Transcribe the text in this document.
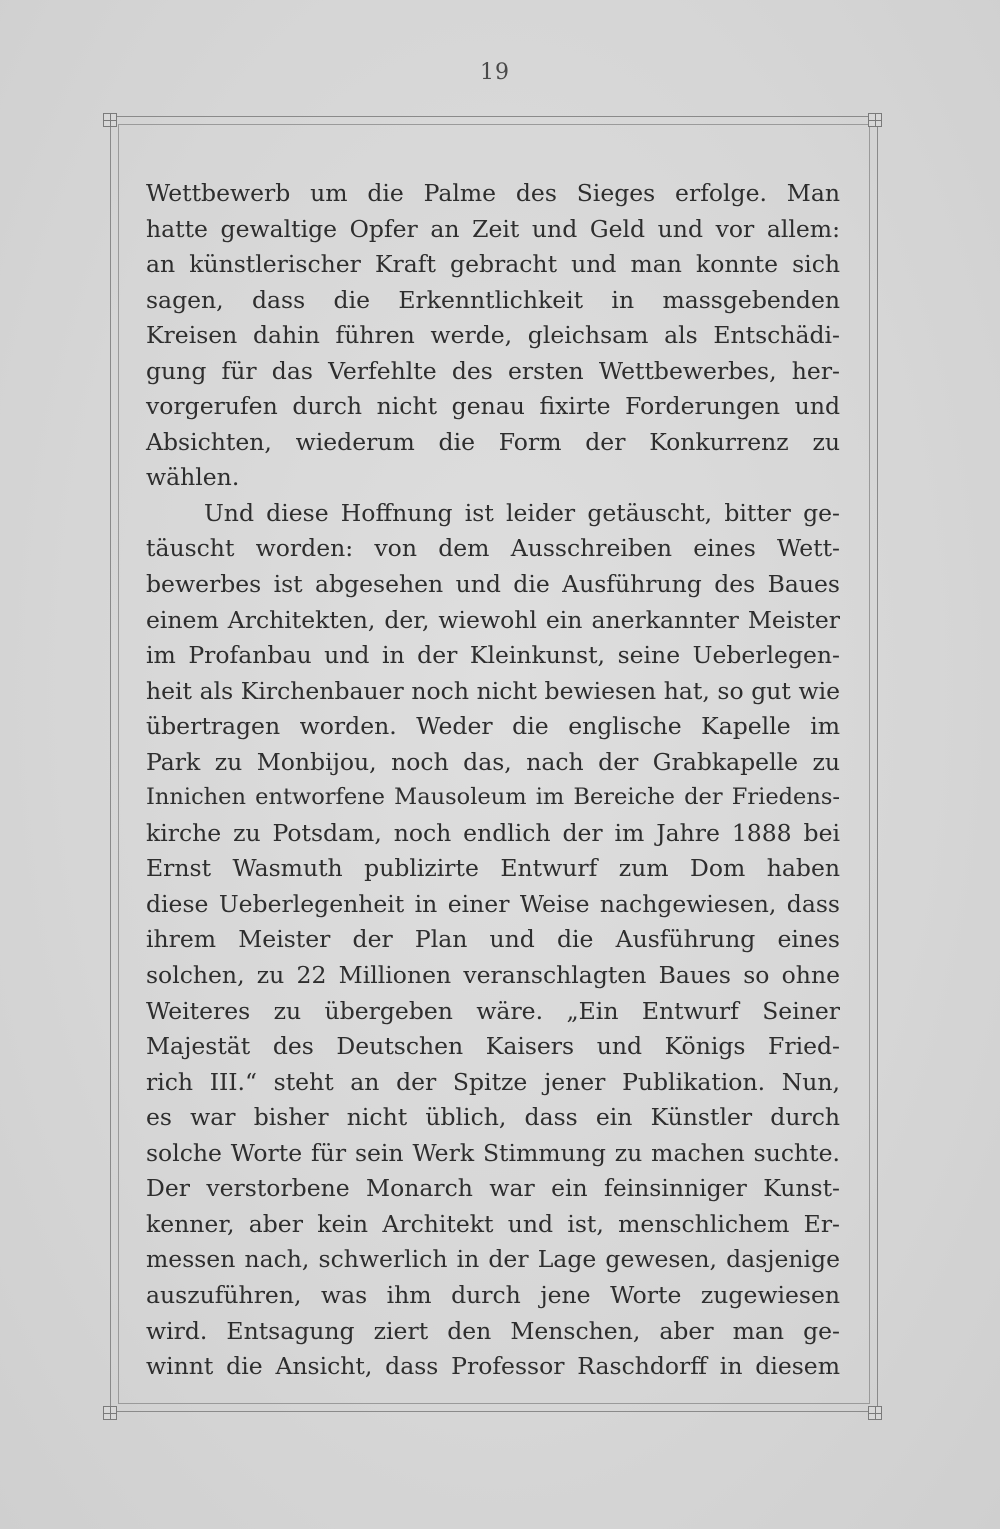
19
Wettbewerb um die Palme des Sieges erfolge. Man
hatte gewaltige Opfer an Zeit und Geld und vor allem:
an künstlerischer Kraft gebracht und man konnte sich
sagen, dass die Erkenntlichkeit in massgebenden
Kreisen dahin führen werde, gleichsam als Entschädi-
gung für das Verfehlte des ersten Wettbewerbes, her-
vorgerufen durch nicht genau fixirte Forderungen und
Absichten, wiederum die Form der Konkurrenz zu
wählen.
Und diese Hoffnung ist leider getäuscht, bitter ge-
täuscht worden: von dem Ausschreiben eines Wett-
bewerbes ist abgesehen und die Ausführung des Baues
einem Architekten, der, wiewohl ein anerkannter Meister
im Profanbau und in der Kleinkunst, seine Ueberlegen-
heit als Kirchenbauer noch nicht bewiesen hat, so gut wie
übertragen worden. Weder die englische Kapelle im
Park zu Monbijou, noch das, nach der Grabkapelle zu
Innichen entworfene Mausoleum im Bereiche der Friedens-
kirche zu Potsdam, noch endlich der im Jahre 1888 bei
Ernst Wasmuth publizirte Entwurf zum Dom haben
diese Ueberlegenheit in einer Weise nachgewiesen, dass
ihrem Meister der Plan und die Ausführung eines
solchen, zu 22 Millionen veranschlagten Baues so ohne
Weiteres zu übergeben wäre. „Ein Entwurf Seiner
Majestät des Deutschen Kaisers und Königs Fried-
rich III.“ steht an der Spitze jener Publikation. Nun,
es war bisher nicht üblich, dass ein Künstler durch
solche Worte für sein Werk Stimmung zu machen suchte.
Der verstorbene Monarch war ein feinsinniger Kunst-
kenner, aber kein Architekt und ist, menschlichem Er-
messen nach, schwerlich in der Lage gewesen, dasjenige
auszuführen, was ihm durch jene Worte zugewiesen
wird. Entsagung ziert den Menschen, aber man ge-
winnt die Ansicht, dass Professor Raschdorff in diesem
